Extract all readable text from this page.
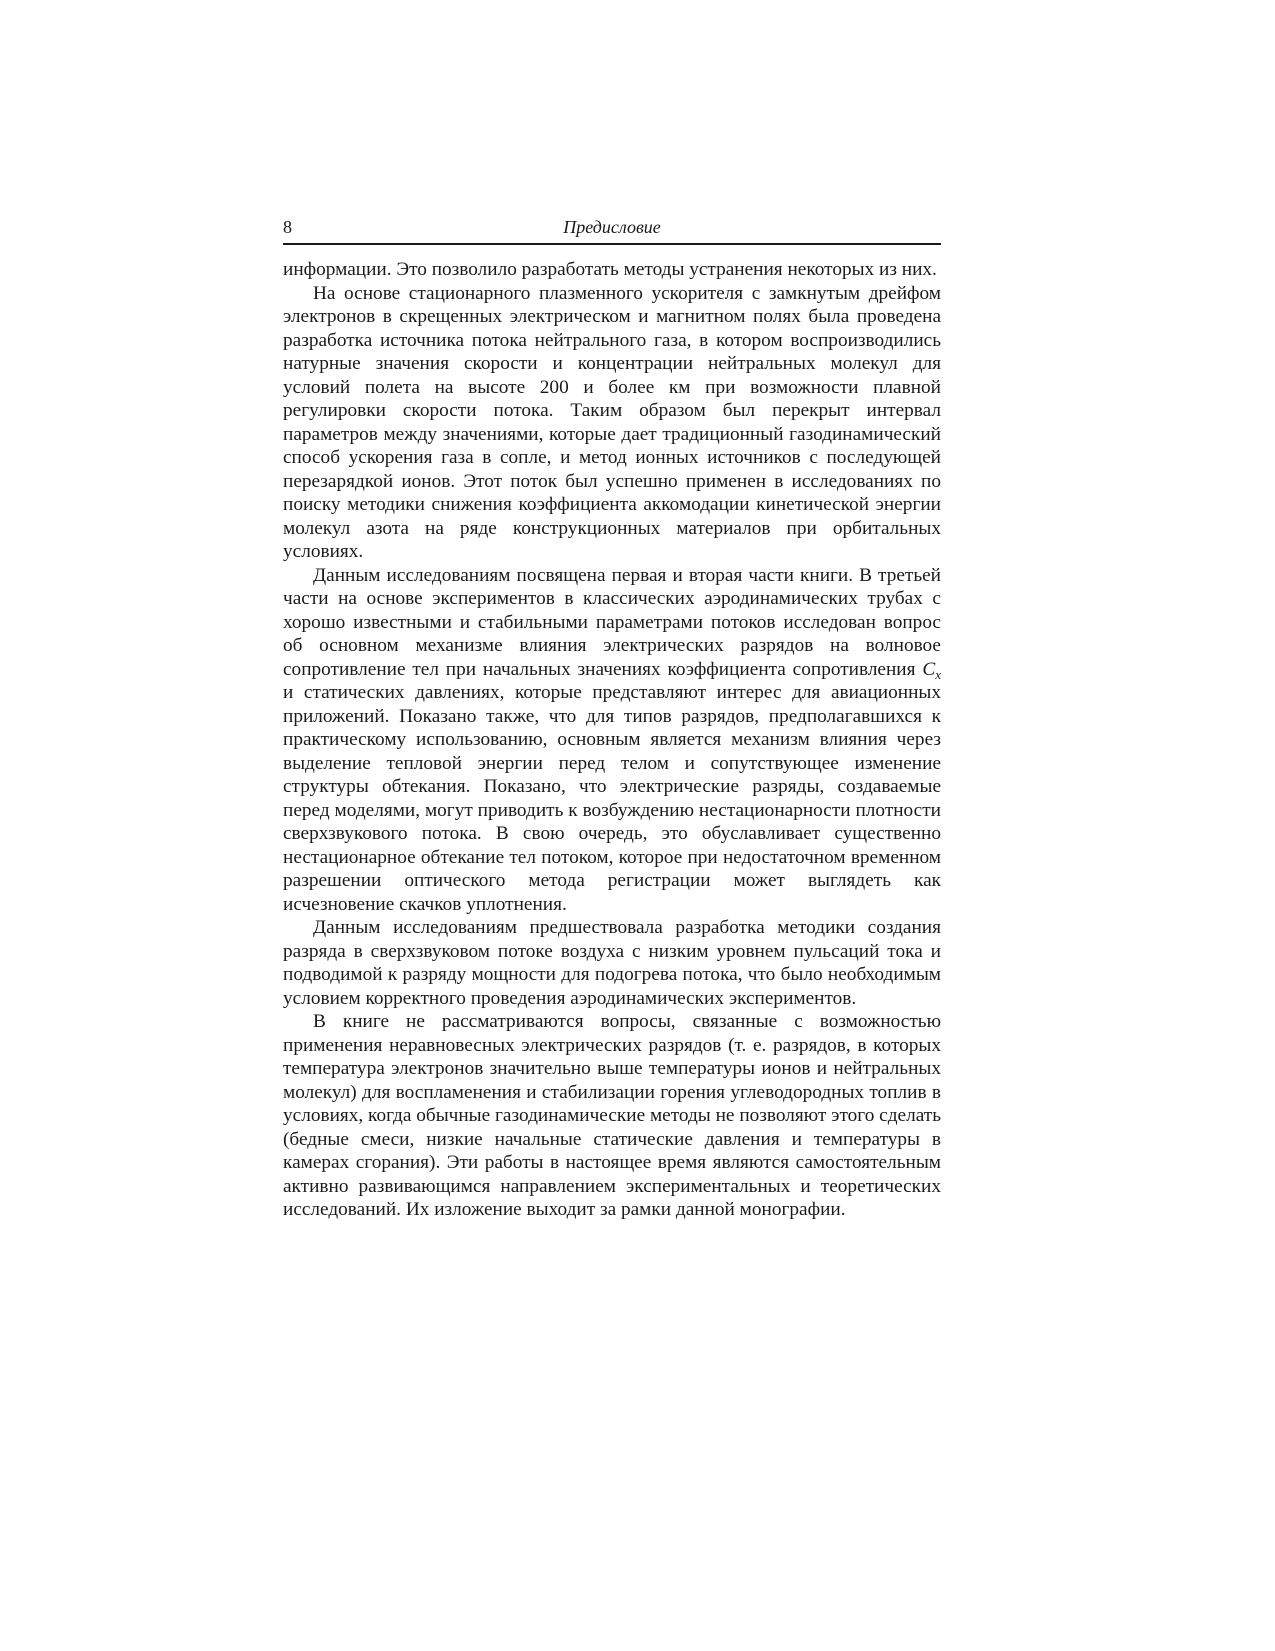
8	Предисловие

информации. Это позволило разработать методы устранения некоторых из них.

На основе стационарного плазменного ускорителя с замкнутым дрейфом электронов в скрещенных электрическом и магнитном полях была проведена разработка источника потока нейтрального газа, в котором воспроизводились натурные значения скорости и концентрации нейтральных молекул для условий полета на высоте 200 и более км при возможности плавной регулировки скорости потока. Таким образом был перекрыт интервал параметров между значениями, которые дает традиционный газодинамический способ ускорения газа в сопле, и метод ионных источников с последующей перезарядкой ионов. Этот поток был успешно применен в исследованиях по поиску методики снижения коэффициента аккомодации кинетической энергии молекул азота на ряде конструкционных материалов при орбитальных условиях.

Данным исследованиям посвящена первая и вторая части книги. В третьей части на основе экспериментов в классических аэродинамических трубах с хорошо известными и стабильными параметрами потоков исследован вопрос об основном механизме влияния электрических разрядов на волновое сопротивление тел при начальных значениях коэффициента сопротивления $C_x$ и статических давлениях, которые представляют интерес для авиационных приложений. Показано также, что для типов разрядов, предполагавшихся к практическому использованию, основным является механизм влияния через выделение тепловой энергии перед телом и сопутствующее изменение структуры обтекания. Показано, что электрические разряды, создаваемые перед моделями, могут приводить к возбуждению нестационарности плотности сверхзвукового потока. В свою очередь, это обуславливает существенно нестационарное обтекание тел потоком, которое при недостаточном временном разрешении оптического метода регистрации может выглядеть как исчезновение скачков уплотнения.

Данным исследованиям предшествовала разработка методики создания разряда в сверхзвуковом потоке воздуха с низким уровнем пульсаций тока и подводимой к разряду мощности для подогрева потока, что было необходимым условием корректного проведения аэродинамических экспериментов.

В книге не рассматриваются вопросы, связанные с возможностью применения неравновесных электрических разрядов (т. е. разрядов, в которых температура электронов значительно выше температуры ионов и нейтральных молекул) для воспламенения и стабилизации горения углеводородных топлив в условиях, когда обычные газодинамические методы не позволяют этого сделать (бедные смеси, низкие начальные статические давления и температуры в камерах сгорания). Эти работы в настоящее время являются самостоятельным активно развивающимся направлением экспериментальных и теоретических исследований. Их изложение выходит за рамки данной монографии.
